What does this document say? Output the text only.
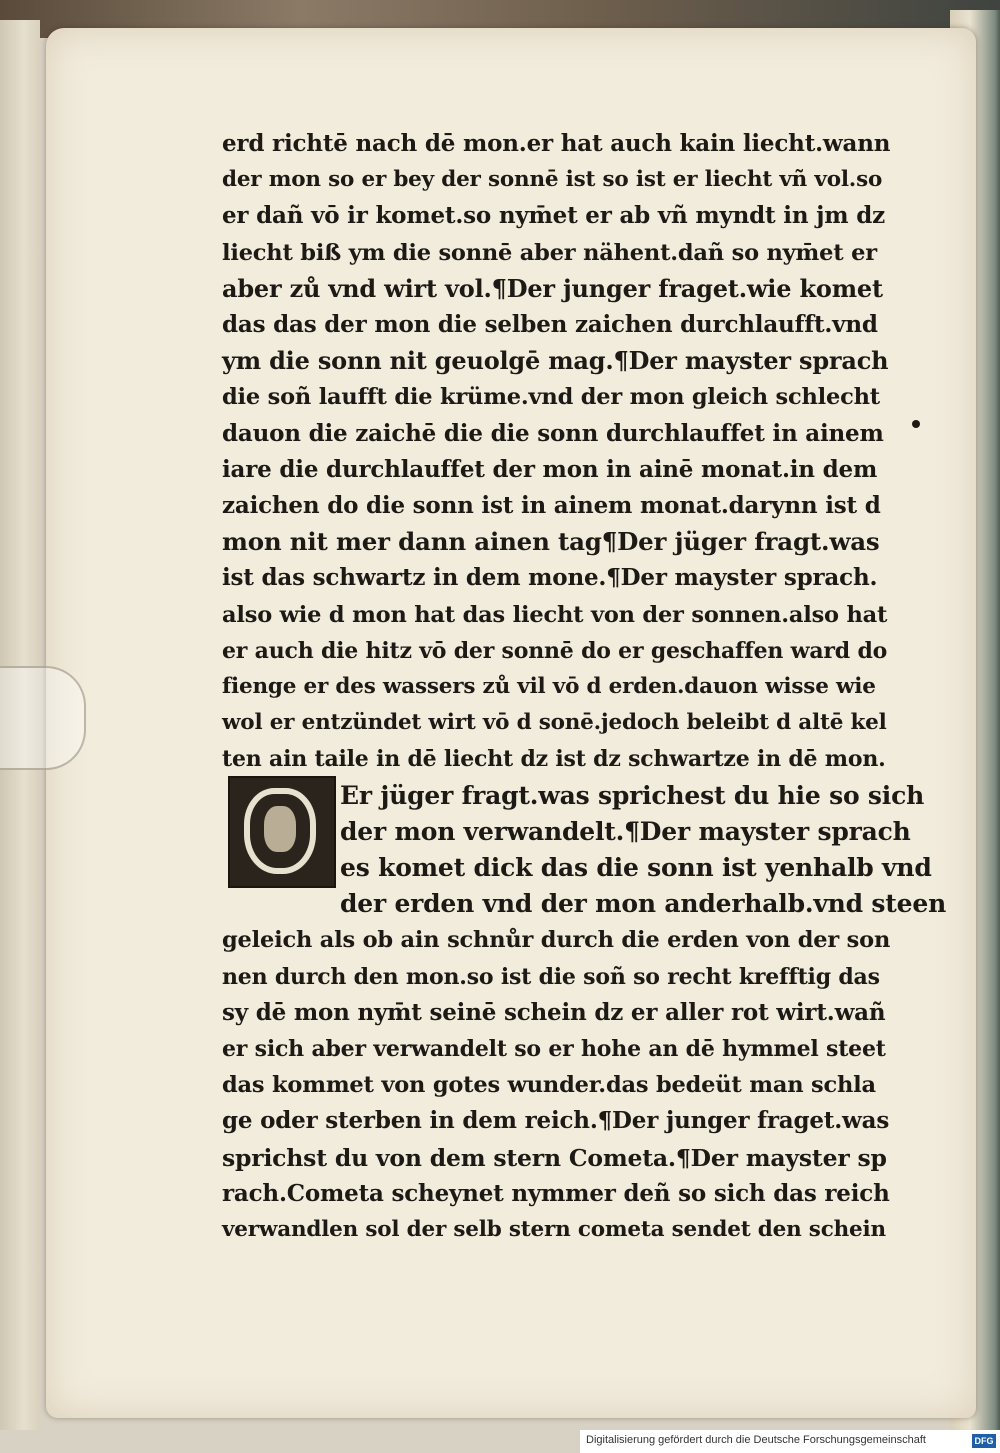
erd richtē nach dē mon.er hat auch kain liecht.wann
der mon so er bey der sonnē ist so ist er liecht vñ vol.so
er dañ vō ir komet.so nym̄et er ab vñ myndt in jm dz
liecht biß ym die sonnē aber nähent.dañ so nym̄et er
aber zů vnd wirt vol.¶Der junger fraget.wie komet
das das der mon die selben zaichen durchlaufft.vnd
ym die sonn nit geuolgē mag.¶Der mayster sprach
die soñ laufft die krüme.vnd der mon gleich schlecht
dauon die zaichē die die sonn durchlauffet in ainem
iare die durchlauffet der mon in ainē monat.in dem
zaichen do die sonn ist in ainem monat.darynn ist d
mon nit mer dann ainen tag¶Der jüger fragt.was
ist das schwartz in dem mone.¶Der mayster sprach.
also wie d mon hat das liecht von der sonnen.also hat
er auch die hitz vō der sonnē do er geschaffen ward do
fienge er des wassers zů vil vō d erden.dauon wisse wie
wol er entzündet wirt vō d sonē.jedoch beleibt d altē kel
ten ain taile in dē liecht dz ist dz schwartze in dē mon.
Er jüger fragt.was sprichest du hie so sich
der mon verwandelt.¶Der mayster sprach
es komet dick das die sonn ist yenhalb vnd
der erden vnd der mon anderhalb.vnd steen
geleich als ob ain schnůr durch die erden von der son
nen durch den mon.so ist die soñ so recht krefftig das
sy dē mon nym̄t seinē schein dz er aller rot wirt.wañ
er sich aber verwandelt so er hohe an dē hymmel steet
das kommet von gotes wunder.das bedeüt man schla
ge oder sterben in dem reich.¶Der junger fraget.was
sprichst du von dem stern Cometa.¶Der mayster sp
rach.Cometa scheynet nymmer deñ so sich das reich
verwandlen sol der selb stern cometa sendet den schein
Digitalisierung gefördert durch die Deutsche Forschungsgemeinschaft	DFG
